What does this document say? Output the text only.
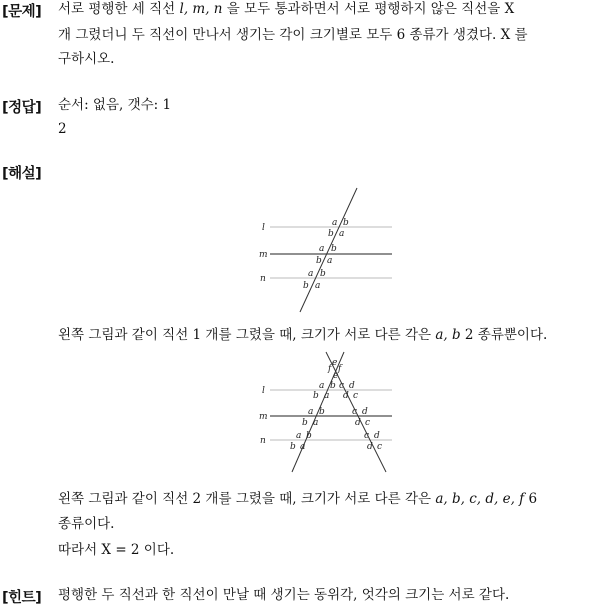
[문제] 서로 평행한 세 직선 l, m, n 을 모두 통과하면서 서로 평행하지 않은 직선을 X
개 그렸더니 두 직선이 만나서 생기는 각이 크기별로 모두 6 종류가 생겼다. X 를
구하시오.
[정답] 순서: 없음, 갯수: 1
2
[해설]
l
m
n
a b
b a
a b
b a
a b
b a
왼쪽 그림과 같이 직선 1 개를 그렸을 때, 크기가 서로 다른 각은 a, b 2 종류뿐이다.
l
m
n
e
f f
e
a b
b a
a b
b a
a b
b a
c d
d c
c d
d c
c d
d c
왼쪽 그림과 같이 직선 2 개를 그렸을 때, 크기가 서로 다른 각은 a, b, c, d, e, f 6
종류이다.
따라서 X = 2 이다.
[힌트] 평행한 두 직선과 한 직선이 만날 때 생기는 동위각, 엇각의 크기는 서로 같다.
